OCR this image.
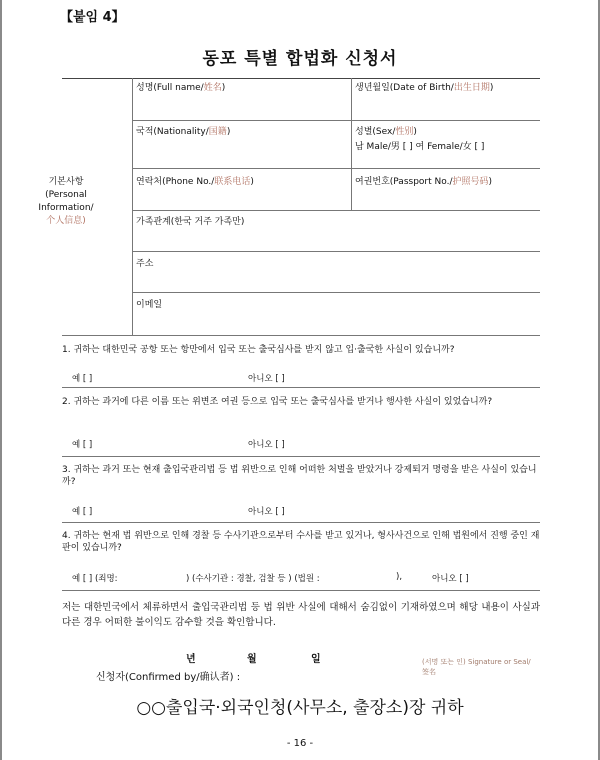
【붙임 4】
동포 특별 합법화 신청서
기본사항
(Personal
Information/
个人信息)
성명(Full name/姓名)	생년월일(Date of Birth/出生日期)
국적(Nationality/国籍)	성별(Sex/性别)
남 Male/男 [ ] 여 Female/女 [ ]
연락처(Phone No./联系电话)	여권번호(Passport No./护照号码)
가족관계(한국 거주 가족만)
주소
이메일
1. 귀하는 대한민국 공항 또는 항만에서 입국 또는 출국심사를 받지 않고 입·출국한 사실이 있습니까?
예 [ ]	아니오 [ ]
2. 귀하는 과거에 다른 이름 또는 위변조 여권 등으로 입국 또는 출국심사를 받거나 행사한 사실이 있었습니까?
예 [ ]	아니오 [ ]
3. 귀하는 과거 또는 현재 출입국관리법 등 법 위반으로 인해 어떠한 처벌을 받았거나 강제퇴거 명령을 받은 사실이 있습니까?
예 [ ]	아니오 [ ]
4. 귀하는 현재 법 위반으로 인해 경찰 등 수사기관으로부터 수사를 받고 있거나, 형사사건으로 인해 법원에서 진행 중인 재판이 있습니까?
예 [ ] (죄명:	) (수사기관 : 경찰, 검찰 등 ) (법원 :	),	아니오 [ ]
저는 대한민국에서 체류하면서 출입국관리법 등 법 위반 사실에 대해서 숨김없이 기재하였으며 해당 내용이 사실과 다른 경우 어떠한 불이익도 감수할 것을 확인합니다.
년	월	일	(서명 또는 인) Signature or Seal/签名
신청자(Confirmed by/确认者) :
○○출입국·외국인청(사무소, 출장소)장 귀하
- 16 -
